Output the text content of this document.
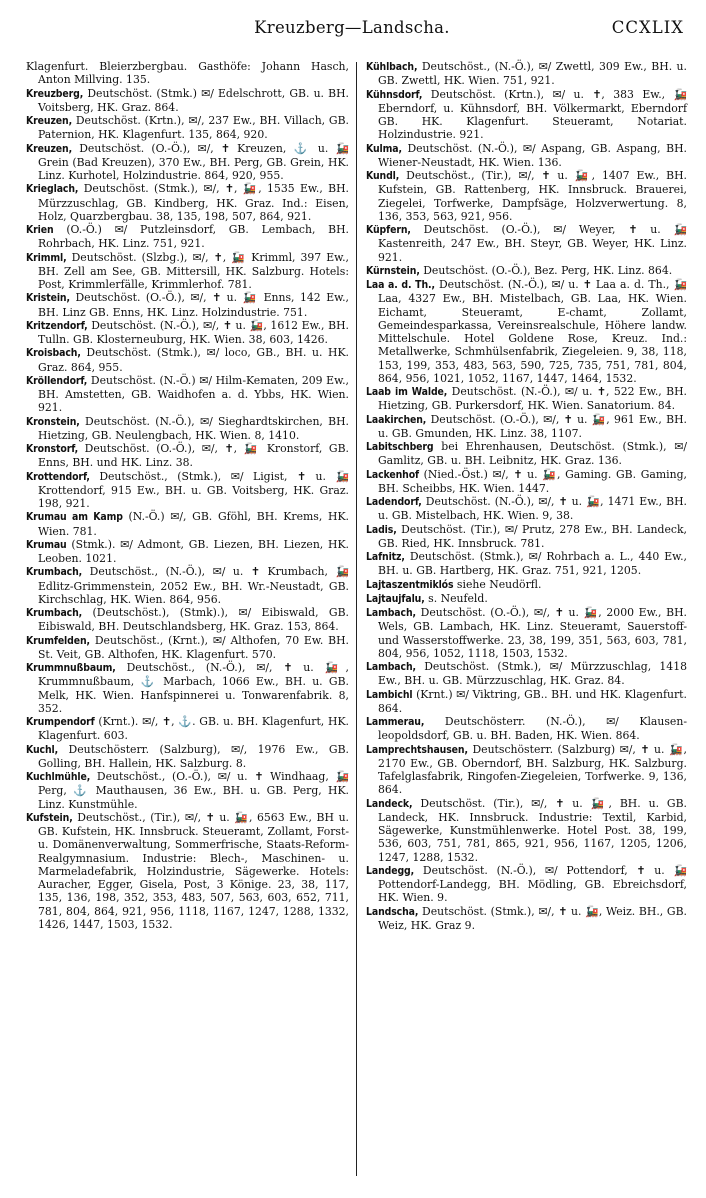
Kreuzberg—Landscha.	CCXLIX

Klagenfurt. Bleierzbergbau. Gasthöfe: Johann Hasch, Anton Millving. 135.

Kreuzberg, Deutschöst. (Stmk.) ✉/ Edelschrott, GB. u. BH. Voitsberg, HK. Graz. 864.

Kreuzen, Deutschöst. (Krtn.), ✉/, 237 Ew., BH. Villach, GB. Paternion, HK. Klagenfurt. 135, 864, 920.

Kreuzen, Deutschöst. (O.-Ö.), ✉/, ✝ Kreuzen, ⚓ u. 🚂 Grein (Bad Kreuzen), 370 Ew., BH. Perg, GB. Grein, HK. Linz. Kurhotel, Holzindustrie. 864, 920, 955.

Krieglach, Deutschöst. (Stmk.), ✉/, ✝, 🚂, 1535 Ew., BH. Mürzzuschlag, GB. Kindberg, HK. Graz. Ind.: Eisen, Holz, Quarzbergbau. 38, 135, 198, 507, 864, 921.

Krien (O.-Ö.) ✉/ Putzleinsdorf, GB. Lembach, BH. Rohrbach, HK. Linz. 751, 921.

Krimml, Deutschöst. (Slzbg.), ✉/, ✝, 🚂 Krimml, 397 Ew., BH. Zell am See, GB. Mittersill, HK. Salzburg. Hotels: Post, Krimmlerfälle, Krimmlerhof. 781.

Kristein, Deutschöst. (O.-Ö.), ✉/, ✝ u. 🚂 Enns, 142 Ew., BH. Linz GB. Enns, HK. Linz. Holzindustrie. 751.

Kritzendorf, Deutschöst. (N.-Ö.), ✉/, ✝ u. 🚂, 1612 Ew., BH. Tulln. GB. Klosterneuburg, HK. Wien. 38, 603, 1426.

Kroisbach, Deutschöst. (Stmk.), ✉/ loco, GB., BH. u. HK. Graz. 864, 955.

Kröllendorf, Deutschöst. (N.-Ö.) ✉/ Hilm-Kematen, 209 Ew., BH. Amstetten, GB. Waidhofen a. d. Ybbs, HK. Wien. 921.

Kronstein, Deutschöst. (N.-Ö.), ✉/ Sieghardtskirchen, BH. Hietzing, GB. Neulengbach, HK. Wien. 8, 1410.

Kronstorf, Deutschöst. (O.-Ö.), ✉/, ✝, 🚂 Kronstorf, GB. Enns, BH. und HK. Linz. 38.

Krottendorf, Deutschöst., (Stmk.), ✉/ Ligist, ✝ u. 🚂 Krottendorf, 915 Ew., BH. u. GB. Voitsberg, HK. Graz. 198, 921.

Krumau am Kamp (N.-Ö.) ✉/, GB. Gföhl, BH. Krems, HK. Wien. 781.

Krumau (Stmk.). ✉/ Admont, GB. Liezen, BH. Liezen, HK. Leoben. 1021.

Krumbach, Deutschöst., (N.-Ö.), ✉/ u. ✝ Krumbach, 🚂 Edlitz-Grimmenstein, 2052 Ew., BH. Wr.-Neustadt, GB. Kirchschlag, HK. Wien. 864, 956.

Krumbach, (Deutschöst.), (Stmk).), ✉/ Eibiswald, GB. Eibiswald, BH. Deutschlandsberg, HK. Graz. 153, 864.

Krumfelden, Deutschöst., (Krnt.), ✉/ Althofen, 70 Ew. BH. St. Veit, GB. Althofen, HK. Klagenfurt. 570.

Krummnußbaum, Deutschöst., (N.-Ö.), ✉/, ✝ u. 🚂, Krummnußbaum, ⚓ Marbach, 1066 Ew., BH. u. GB. Melk, HK. Wien. Hanfspinnerei u. Tonwarenfabrik. 8, 352.

Krumpendorf (Krnt.). ✉/, ✝, ⚓. GB. u. BH. Klagenfurt, HK. Klagenfurt. 603.

Kuchl, Deutschösterr. (Salzburg), ✉/, 1976 Ew., GB. Golling, BH. Hallein, HK. Salzburg. 8.

Kuchlmühle, Deutschöst., (O.-Ö.), ✉/ u. ✝ Windhaag, 🚂 Perg, ⚓ Mauthausen, 36 Ew., BH. u. GB. Perg, HK. Linz. Kunstmühle.

Kufstein, Deutschöst., (Tir.), ✉/, ✝ u. 🚂, 6563 Ew., BH u. GB. Kufstein, HK. Innsbruck. Steueramt, Zollamt, Forst- u. Domänenverwaltung, Sommerfrische, Staats-Reform-Realgymnasium. Industrie: Blech-, Maschinen- u. Marmeladefabrik, Holzindustrie, Sägewerke. Hotels: Auracher, Egger, Gisela, Post, 3 Könige. 23, 38, 117, 135, 136, 198, 352, 353, 483, 507, 563, 603, 652, 711, 781, 804, 864, 921, 956, 1118, 1167, 1247, 1288, 1332, 1426, 1447, 1503, 1532.

Kühlbach, Deutschöst., (N.-Ö.), ✉/ Zwettl, 309 Ew., BH. u. GB. Zwettl, HK. Wien. 751, 921.

Kühnsdorf, Deutschöst. (Krtn.), ✉/ u. ✝, 383 Ew., 🚂 Eberndorf, u. Kühnsdorf, BH. Völkermarkt, Eberndorf GB. HK. Klagenfurt. Steueramt, Notariat. Holzindustrie. 921.

Kulma, Deutschöst. (N.-Ö.), ✉/ Aspang, GB. Aspang, BH. Wiener-Neustadt, HK. Wien. 136.

Kundl, Deutschöst., (Tir.), ✉/, ✝ u. 🚂, 1407 Ew., BH. Kufstein, GB. Rattenberg, HK. Innsbruck. Brauerei, Ziegelei, Torfwerke, Dampfsäge, Holzverwertung. 8, 136, 353, 563, 921, 956.

Küpfern, Deutschöst. (O.-Ö.), ✉/ Weyer, ✝ u. 🚂 Kastenreith, 247 Ew., BH. Steyr, GB. Weyer, HK. Linz. 921.

Kürnstein, Deutschöst. (O.-Ö.), Bez. Perg, HK. Linz. 864.

Laa a. d. Th., Deutschöst. (N.-Ö.), ✉/ u. ✝ Laa a. d. Th., 🚂 Laa, 4327 Ew., BH. Mistelbach, GB. Laa, HK. Wien. Eichamt, Steueramt, E-chamt, Zollamt, Gemeindesparkassa, Vereinsrealschule, Höhere landw. Mittelschule. Hotel Goldene Rose, Kreuz. Ind.: Metallwerke, Schmhülsenfabrik, Ziegeleien. 9, 38, 118, 153, 199, 353, 483, 563, 590, 725, 735, 751, 781, 804, 864, 956, 1021, 1052, 1167, 1447, 1464, 1532.

Laab im Walde, Deutschöst. (N.-Ö.), ✉/ u. ✝, 522 Ew., BH. Hietzing, GB. Purkersdorf, HK. Wien. Sanatorium. 84.

Laakirchen, Deutschöst. (O.-Ö.), ✉/, ✝ u. 🚂, 961 Ew., BH. u. GB. Gmunden, HK. Linz. 38, 1107.

Labitschberg bei Ehrenhausen, Deutschöst. (Stmk.), ✉/ Gamlitz, GB. u. BH. Leibnitz, HK. Graz. 136.

Lackenhof (Nied.-Öst.) ✉/, ✝ u. 🚂, Gaming. GB. Gaming, BH. Scheibbs, HK. Wien. 1447.

Ladendorf, Deutschöst. (N.-Ö.), ✉/, ✝ u. 🚂, 1471 Ew., BH. u. GB. Mistelbach, HK. Wien. 9, 38.

Ladis, Deutschöst. (Tir.), ✉/ Prutz, 278 Ew., BH. Landeck, GB. Ried, HK. Innsbruck. 781.

Lafnitz, Deutschöst. (Stmk.), ✉/ Rohrbach a. L., 440 Ew., BH. u. GB. Hartberg, HK. Graz. 751, 921, 1205.

Lajtaszentmiklós siehe Neudörfl.

Lajtaujfalu, s. Neufeld.

Lambach, Deutschöst. (O.-Ö.), ✉/, ✝ u. 🚂, 2000 Ew., BH. Wels, GB. Lambach, HK. Linz. Steueramt, Sauerstoff- und Wasserstoffwerke. 23, 38, 199, 351, 563, 603, 781, 804, 956, 1052, 1118, 1503, 1532.

Lambach, Deutschöst. (Stmk.), ✉/ Mürzzuschlag, 1418 Ew., BH. u. GB. Mürzzuschlag, HK. Graz. 84.

Lambichl (Krnt.) ✉/ Viktring, GB.. BH. und HK. Klagenfurt. 864.

Lammerau, Deutschösterr. (N.-Ö.), ✉/ Klausen-leopoldsdorf, GB. u. BH. Baden, HK. Wien. 864.

Lamprechtshausen, Deutschösterr. (Salzburg) ✉/, ✝ u. 🚂, 2170 Ew., GB. Oberndorf, BH. Salzburg, HK. Salzburg. Tafelglasfabrik, Ringofen-Ziegeleien, Torfwerke. 9, 136, 864.

Landeck, Deutschöst. (Tir.), ✉/, ✝ u. 🚂, BH. u. GB. Landeck, HK. Innsbruck. Industrie: Textil, Karbid, Sägewerke, Kunstmühlenwerke. Hotel Post. 38, 199, 536, 603, 751, 781, 865, 921, 956, 1167, 1205, 1206, 1247, 1288, 1532.

Landegg, Deutschöst. (N.-Ö.), ✉/ Pottendorf, ✝ u. 🚂 Pottendorf-Landegg, BH. Mödling, GB. Ebreichsdorf, HK. Wien. 9.

Landscha, Deutschöst. (Stmk.), ✉/, ✝ u. 🚂, Weiz. BH., GB. Weiz, HK. Graz 9.
